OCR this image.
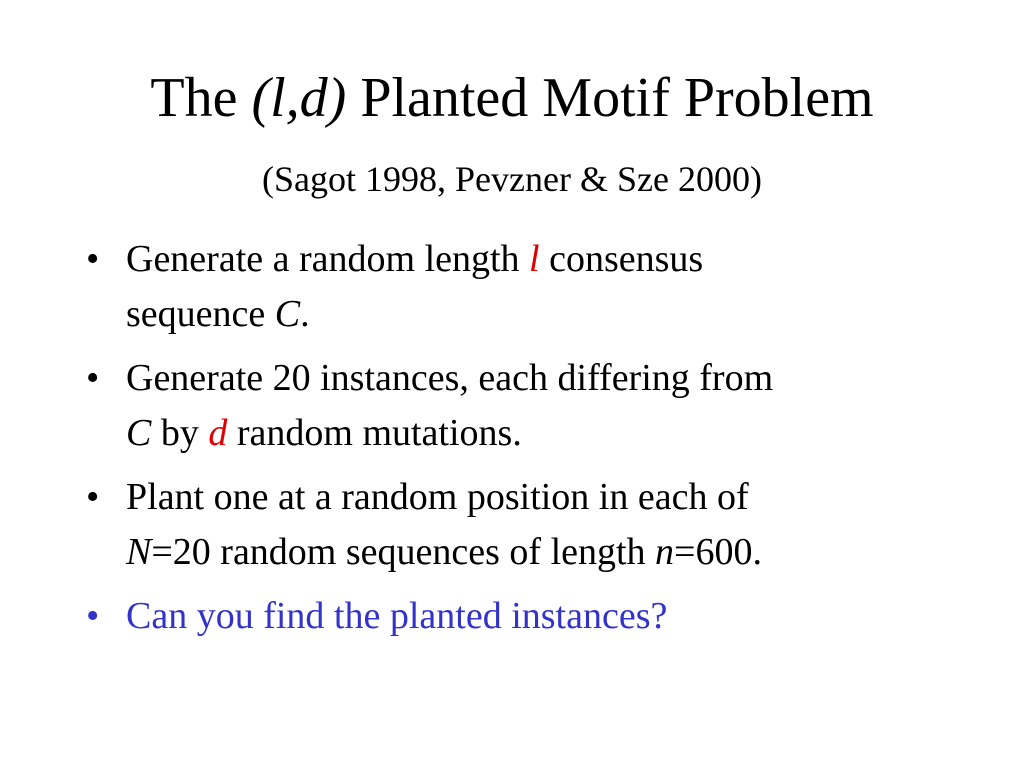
The (l,d) Planted Motif Problem
(Sagot 1998, Pevzner & Sze 2000)
• Generate a random length l consensus
sequence C.
• Generate 20 instances, each differing from
C by d random mutations.
• Plant one at a random position in each of
N=20 random sequences of length n=600.
• Can you find the planted instances?
